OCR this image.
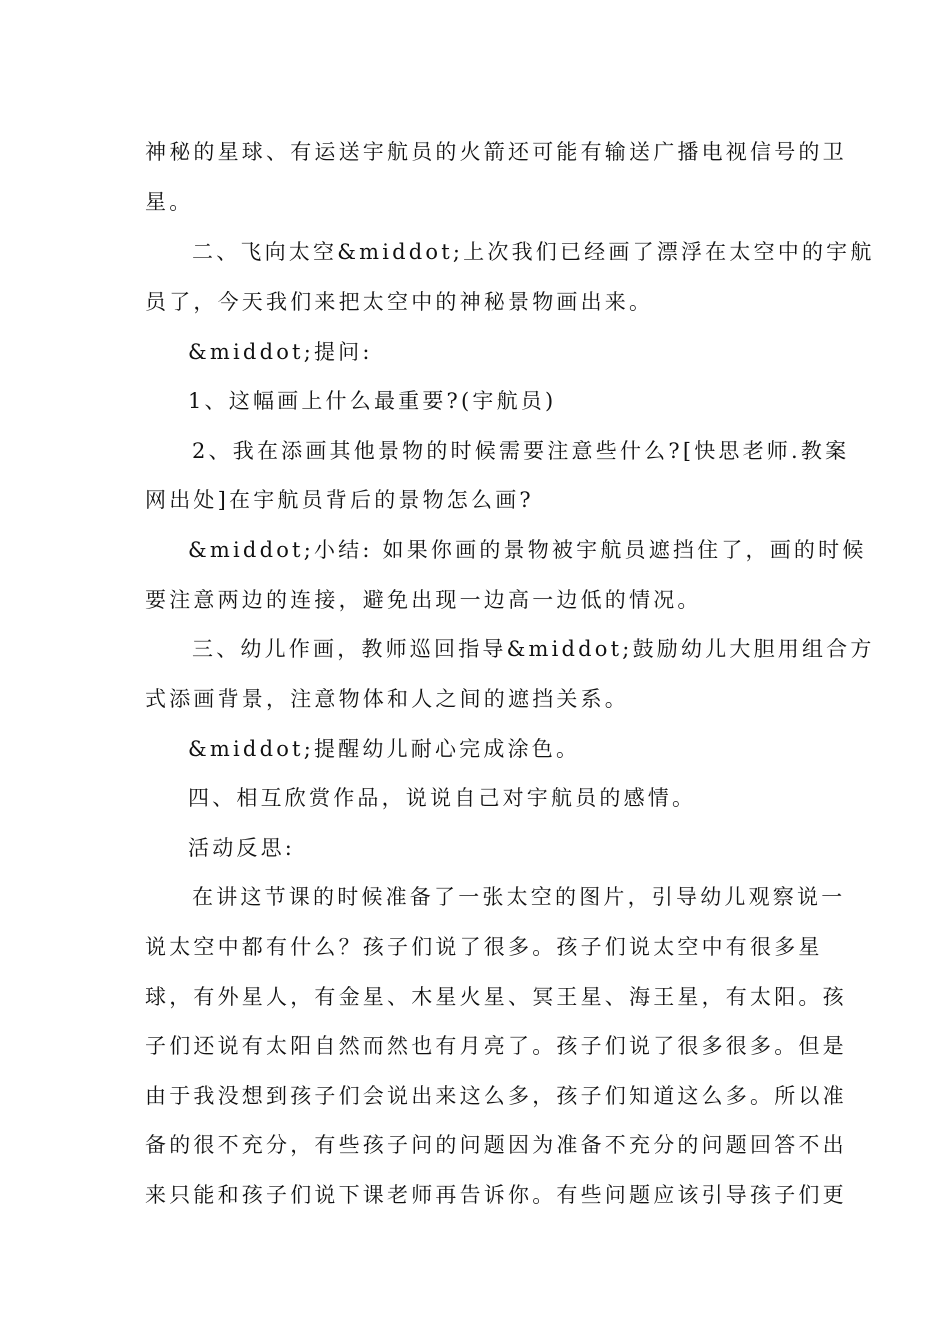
神秘的星球、有运送宇航员的火箭还可能有输送广播电视信号的卫

星。

二、飞向太空&middot;上次我们已经画了漂浮在太空中的宇航

员了，今天我们来把太空中的神秘景物画出来。

&middot;提问:

1、这幅画上什么最重要?(宇航员)

2、我在添画其他景物的时候需要注意些什么?[快思老师.教案

网出处]在宇航员背后的景物怎么画?

&middot;小结: 如果你画的景物被宇航员遮挡住了，画的时候

要注意两边的连接，避免出现一边高一边低的情况。

三、幼儿作画，教师巡回指导&middot;鼓励幼儿大胆用组合方

式添画背景，注意物体和人之间的遮挡关系。

&middot;提醒幼儿耐心完成涂色。

四、相互欣赏作品，说说自己对宇航员的感情。

活动反思:

在讲这节课的时候准备了一张太空的图片，引导幼儿观察说一

说太空中都有什么？孩子们说了很多。孩子们说太空中有很多星

球，有外星人，有金星、木星火星、冥王星、海王星，有太阳。孩

子们还说有太阳自然而然也有月亮了。孩子们说了很多很多。但是

由于我没想到孩子们会说出来这么多，孩子们知道这么多。所以准

备的很不充分，有些孩子问的问题因为准备不充分的问题回答不出

来只能和孩子们说下课老师再告诉你。有些问题应该引导孩子们更
